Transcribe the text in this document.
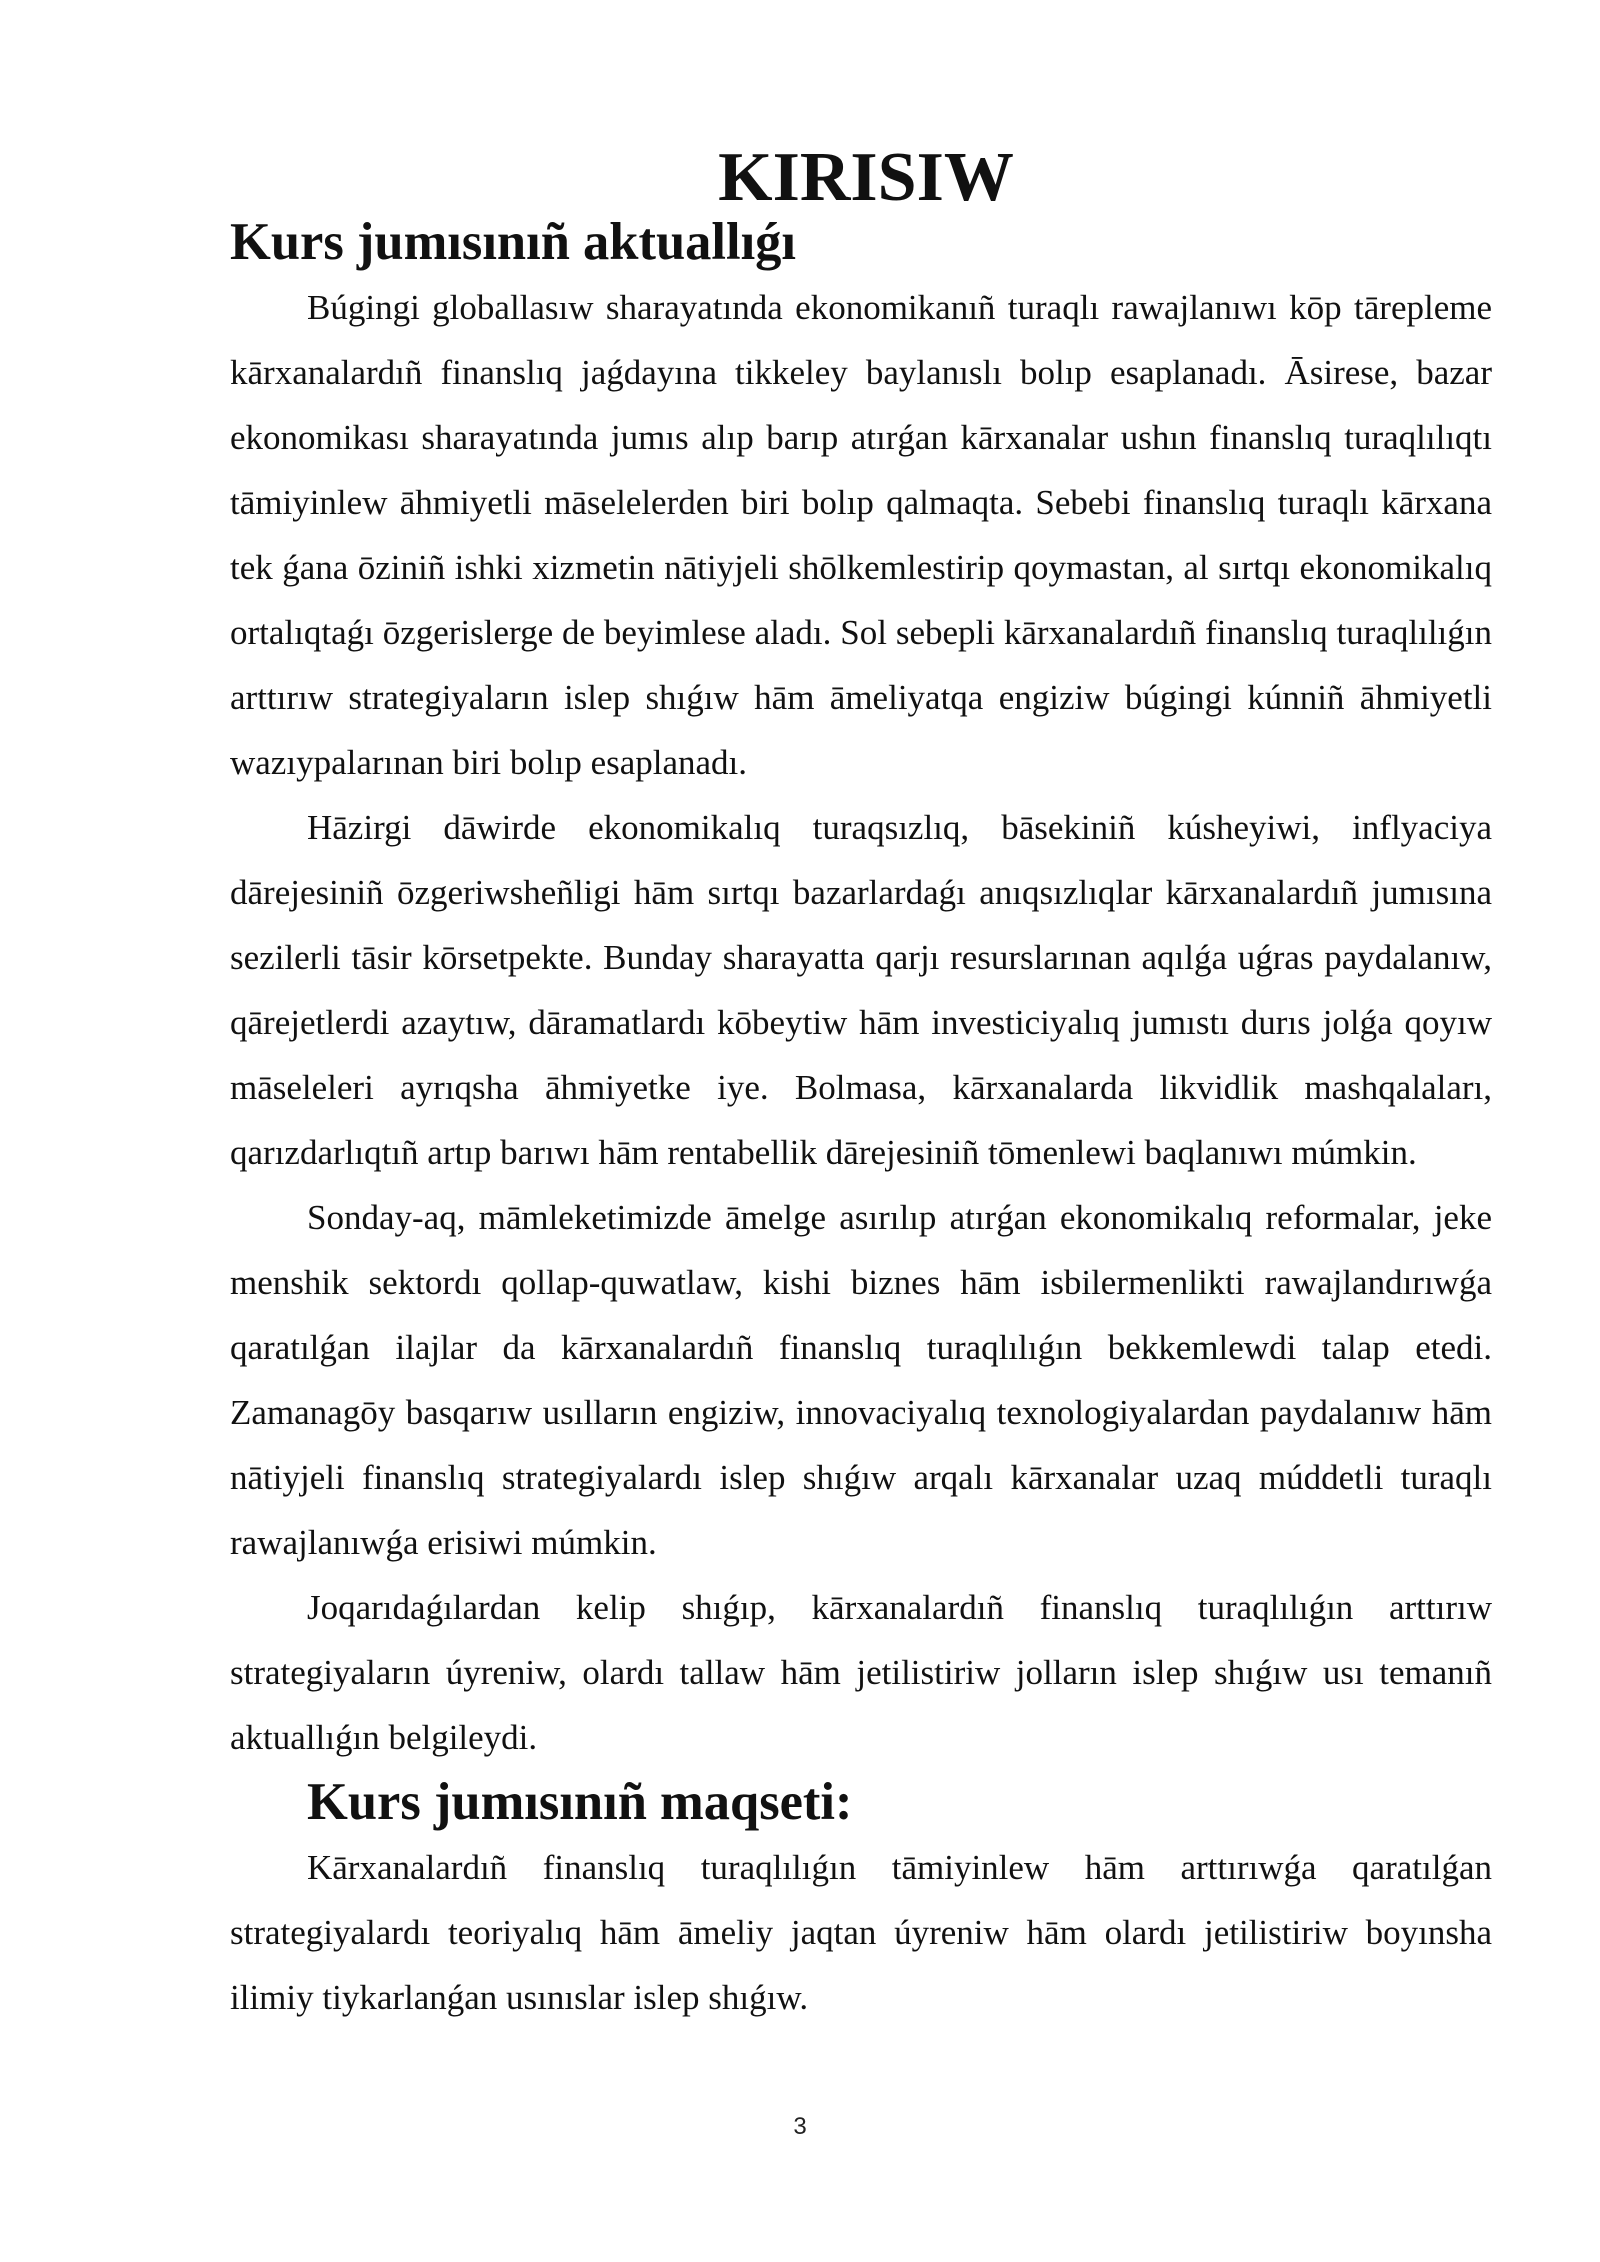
KIRISIW
Kurs jumısınıñ aktuallıǵı

Búgingi globallasıw sharayatında ekonomikanıñ turaqlı rawajlanıwı kōp tārepleme kārxanalardıñ finanslıq jaǵdayına tikkeley baylanıslı bolıp esaplanadı. Āsirese, bazar ekonomikası sharayatında jumıs alıp barıp atırǵan kārxanalar ushın finanslıq turaqlılıqtı tāmiyinlew āhmiyetli māselelerden biri bolıp qalmaqta. Sebebi finanslıq turaqlı kārxana tek ǵana ōziniñ ishki xizmetin nātiyjeli shōlkemlestirip qoymastan, al sırtqı ekonomikalıq ortalıqtaǵı ōzgerislerge de beyimlese aladı. Sol sebepli kārxanalardıñ finanslıq turaqlılıǵın arttırıw strategiyaların islep shıǵıw hām āmeliyatqa engiziw búgingi kúnniñ āhmiyetli wazıypalarınan biri bolıp esaplanadı.

Hāzirgi dāwirde ekonomikalıq turaqsızlıq, bāsekiniñ kúsheyiwi, inflyaciya dārejesiniñ ōzgeriwsheñligi hām sırtqı bazarlardaǵı anıqsızlıqlar kārxanalardıñ jumısına sezilerli tāsir kōrsetpekte. Bunday sharayatta qarjı resurslarınan aqılǵa uǵras paydalanıw, qārejetlerdi azaytıw, dāramatlardı kōbeytiw hām investiciyalıq jumıstı durıs jolǵa qoyıw māseleleri ayrıqsha āhmiyetke iye. Bolmasa, kārxanalarda likvidlik mashqalaları, qarızdarlıqtıñ artıp barıwı hām rentabellik dārejesiniñ tōmenlewi baqlanıwı múmkin.

Sonday-aq, māmleketimizde āmelge asırılıp atırǵan ekonomikalıq reformalar, jeke menshik sektordı qollap-quwatlaw, kishi biznes hām isbilermenlikti rawajlandırıwǵa qaratılǵan ilajlar da kārxanalardıñ finanslıq turaqlılıǵın bekkemlewdi talap etedi. Zamanagōy basqarıw usılların engiziw, innovaciyalıq texnologiyalardan paydalanıw hām nātiyjeli finanslıq strategiyalardı islep shıǵıw arqalı kārxanalar uzaq múddetli turaqlı rawajlanıwǵa erisiwi múmkin.

Joqarıdaǵılardan kelip shıǵıp, kārxanalardıñ finanslıq turaqlılıǵın arttırıw strategiyaların úyreniw, olardı tallaw hām jetilistiriw jolların islep shıǵıw usı temanıñ aktuallıǵın belgileydi.

Kurs jumısınıñ maqseti:

Kārxanalardıñ finanslıq turaqlılıǵın tāmiyinlew hām arttırıwǵa qaratılǵan strategiyalardı teoriyalıq hām āmeliy jaqtan úyreniw hām olardı jetilistiriw boyınsha ilimiy tiykarlanǵan usınıslar islep shıǵıw.

3
